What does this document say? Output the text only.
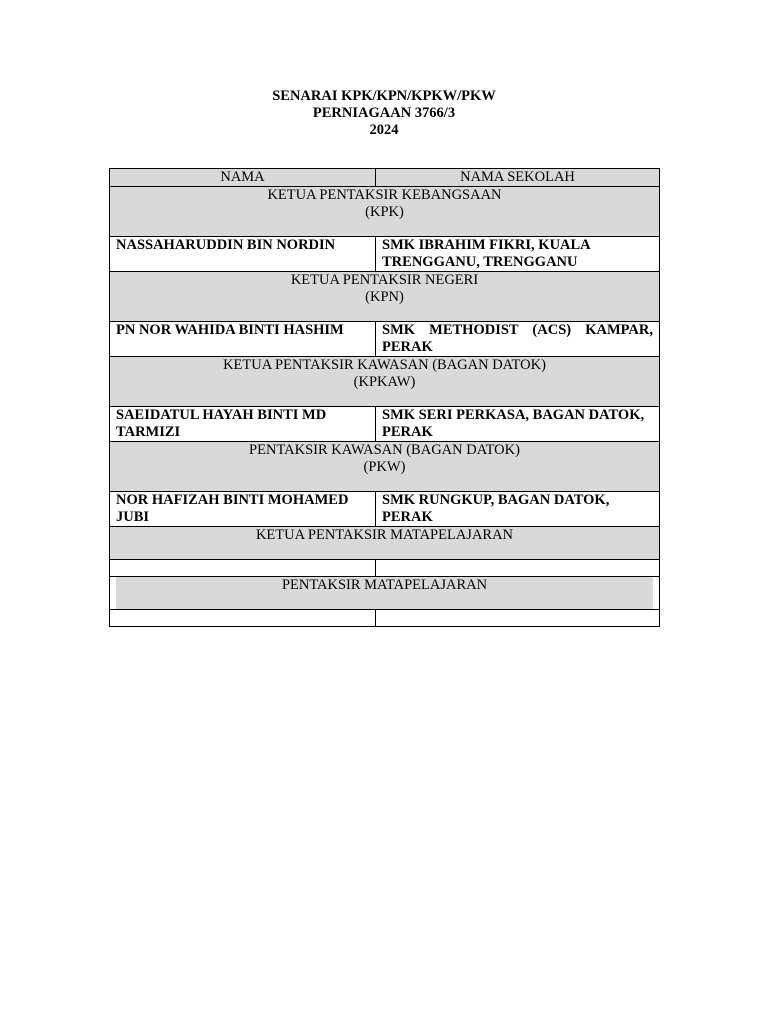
SENARAI KPK/KPN/KPKW/PKW
PERNIAGAAN 3766/3
2024
NAMA	NAMA SEKOLAH

KETUA PENTAKSIR KEBANGSAAN
(KPK)	

NASSAHARUDDIN BIN NORDIN	SMK IBRAHIM FIKRI, KUALA TRENGGANU, TRENGGANU

KETUA PENTAKSIR NEGERI
(KPN)	

PN NOR WAHIDA BINTI HASHIM	SMK METHODIST (ACS) KAMPAR, PERAK

KETUA PENTAKSIR KAWASAN (BAGAN DATOK)
(KPKAW)	

SAEIDATUL HAYAH BINTI MD TARMIZI	SMK SERI PERKASA, BAGAN DATOK, PERAK

PENTAKSIR KAWASAN (BAGAN DATOK)
(PKW)	

NOR HAFIZAH BINTI MOHAMED JUBI	SMK RUNGKUP, BAGAN DATOK, PERAK

KETUA PENTAKSIR MATAPELAJARAN	

PENTAKSIR MATAPELAJARAN	
